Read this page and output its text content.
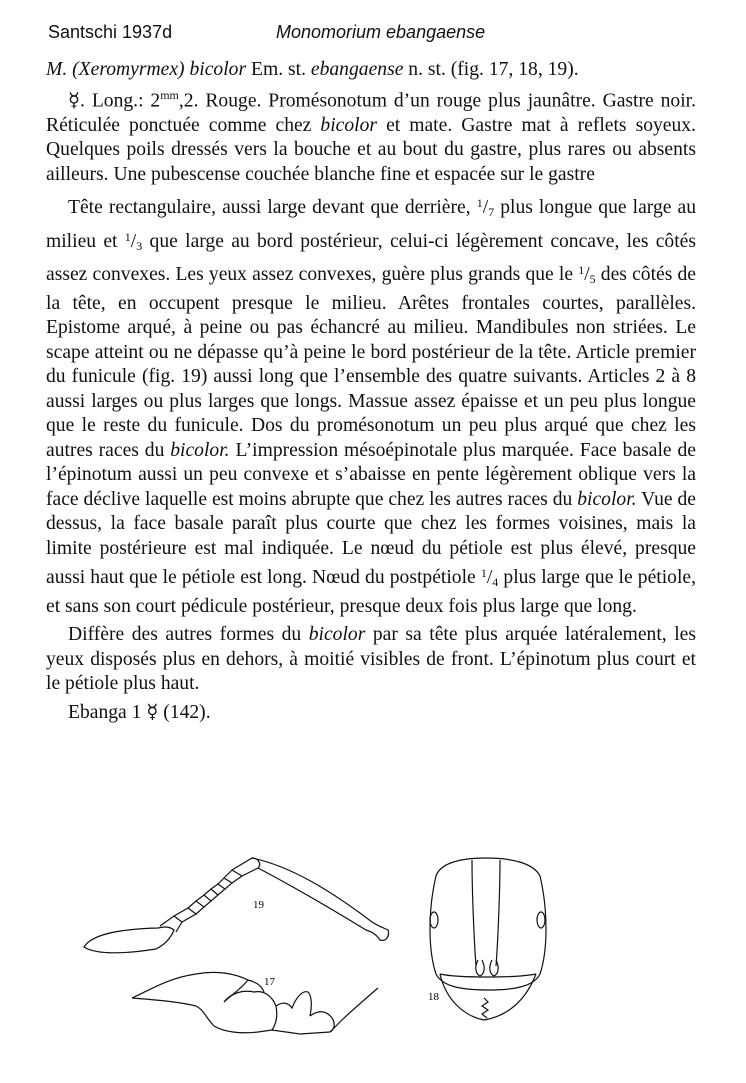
Santschi 1937d	Monomorium ebangaense

M. (Xeromyrmex) bicolor Em. st. ebangaense n. st. (fig. 17, 18, 19).

☿. Long.: $2^{mm},2$. Rouge. Promésonotum d’un rouge plus jaunâtre. Gastre noir. Réticulée ponctuée comme chez bicolor et mate. Gastre mat à reflets soyeux. Quelques poils dressés vers la bouche et au bout du gastre, plus rares ou absents ailleurs. Une pubescense couchée blanche fine et espacée sur le gastre

Tête rectangulaire, aussi large devant que derrière, $^1/_7$ plus longue que large au milieu et $^1/_3$ que large au bord postérieur, celui-ci légèrement concave, les côtés assez convexes. Les yeux assez convexes, guère plus grands que le $^1/_5$ des côtés de la tête, en occupent presque le milieu. Arêtes frontales courtes, parallèles. Epistome arqué, à peine ou pas échancré au milieu. Mandibules non striées. Le scape atteint ou ne dépasse qu’à peine le bord postérieur de la tête. Article premier du funicule (fig. 19) aussi long que l’ensemble des quatre suivants. Articles 2 à 8 aussi larges ou plus larges que longs. Massue assez épaisse et un peu plus longue que le reste du funicule. Dos du promésonotum un peu plus arqué que chez les autres races du bicolor. L’impression mésoépinotale plus marquée. Face basale de l’épinotum aussi un peu convexe et s’abaisse en pente légèrement oblique vers la face déclive laquelle est moins abrupte que chez les autres races du bicolor. Vue de dessus, la face basale paraît plus courte que chez les formes voisines, mais la limite postérieure est mal indiquée. Le nœud du pétiole est plus élevé, presque aussi haut que le pétiole est long. Nœud du postpétiole $^1/_4$ plus large que le pétiole, et sans son court pédicule postérieur, presque deux fois plus large que long.

Diffère des autres formes du bicolor par sa tête plus arquée latéralement, les yeux disposés plus en dehors, à moitié visibles de front. L’épinotum plus court et le pétiole plus haut.

Ebanga 1 ☿ (142).

19
17
18
